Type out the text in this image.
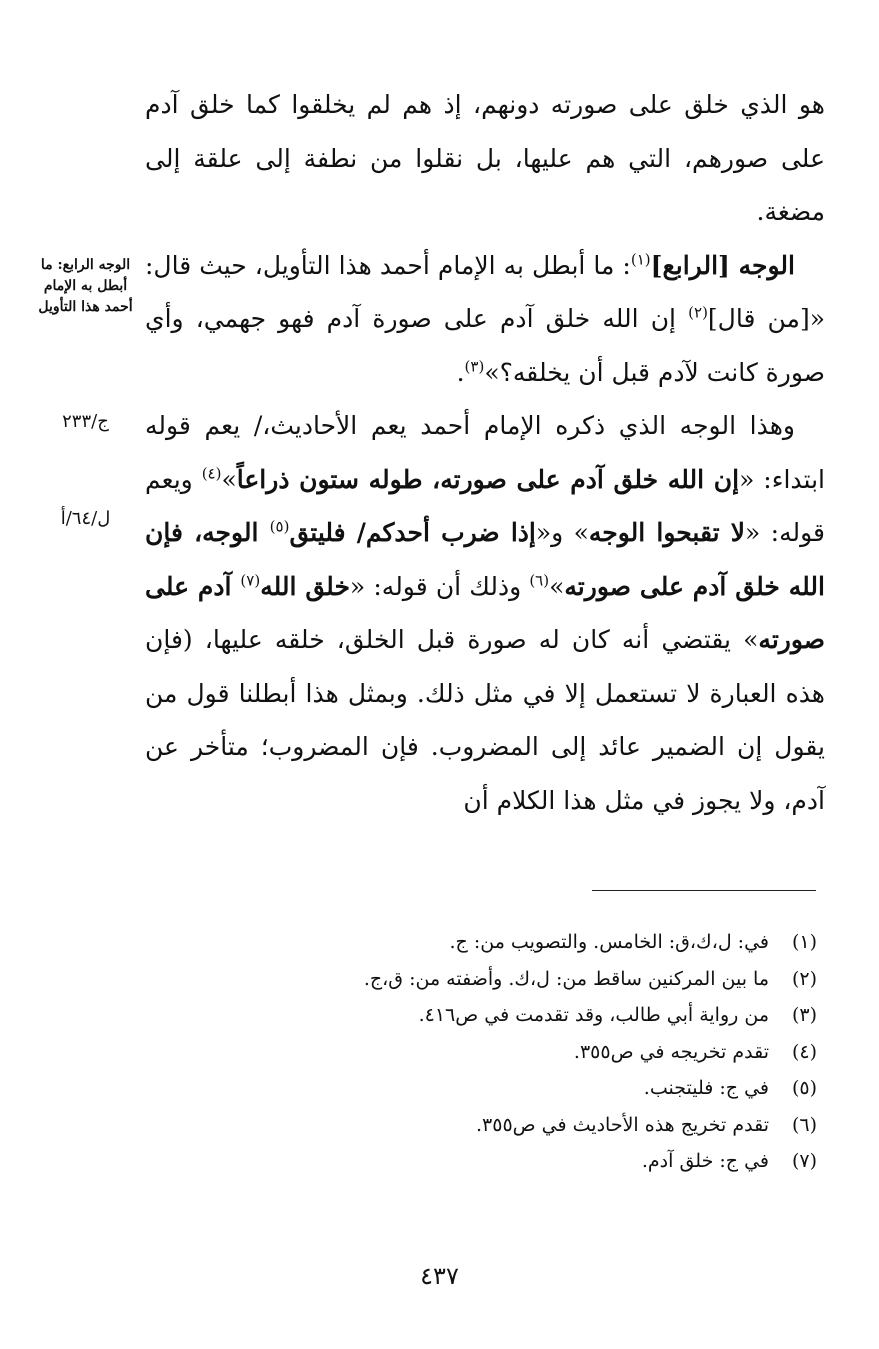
هو الذي خلق على صورته دونهم، إذ هم لم يخلقوا كما خلق آدم على صورهم، التي هم عليها، بل نقلوا من نطفة إلى علقة إلى مضغة.

الوجه [الرابع]$^{(١)}$: ما أبطل به الإمام أحمد هذا التأويل، حيث قال: «[من قال]$^{(٢)}$ إن الله خلق آدم على صورة آدم فهو جهمي، وأي صورة كانت لآدم قبل أن يخلقه؟»$^{(٣)}$.

وهذا الوجه الذي ذكره الإمام أحمد يعم الأحاديث،/ يعم قوله ابتداء: «إن الله خلق آدم على صورته، طوله ستون ذراعاً»$^{(٤)}$ ويعم قوله: «لا تقبحوا الوجه» و«إذا ضرب أحدكم/ فليتق$^{(٥)}$ الوجه، فإن الله خلق آدم على صورته»$^{(٦)}$ وذلك أن قوله: «خلق الله$^{(٧)}$ آدم على صورته» يقتضي أنه كان له صورة قبل الخلق، خلقه عليها، (فإن هذه العبارة لا تستعمل إلا في مثل ذلك. وبمثل هذا أبطلنا قول من يقول إن الضمير عائد إلى المضروب. فإن المضروب؛ متأخر عن آدم، ولا يجوز في مثل هذا الكلام أن

الوجه الرابع: ما أبطل به الإمام أحمد هذا التأويل
ج/٢٣٣
ل/٦٤/أ

(١)في: ل،ك،ق: الخامس. والتصويب من: ج.

(٢)ما بين المركنين ساقط من: ل،ك. وأضفته من: ق،ج.

(٣)من رواية أبي طالب، وقد تقدمت في ص٤١٦.

(٤)تقدم تخريجه في ص٣٥٥.

(٥)في ج: فليتجنب.

(٦)تقدم تخريج هذه الأحاديث في ص٣٥٥.

(٧)في ج: خلق آدم.

٤٣٧
